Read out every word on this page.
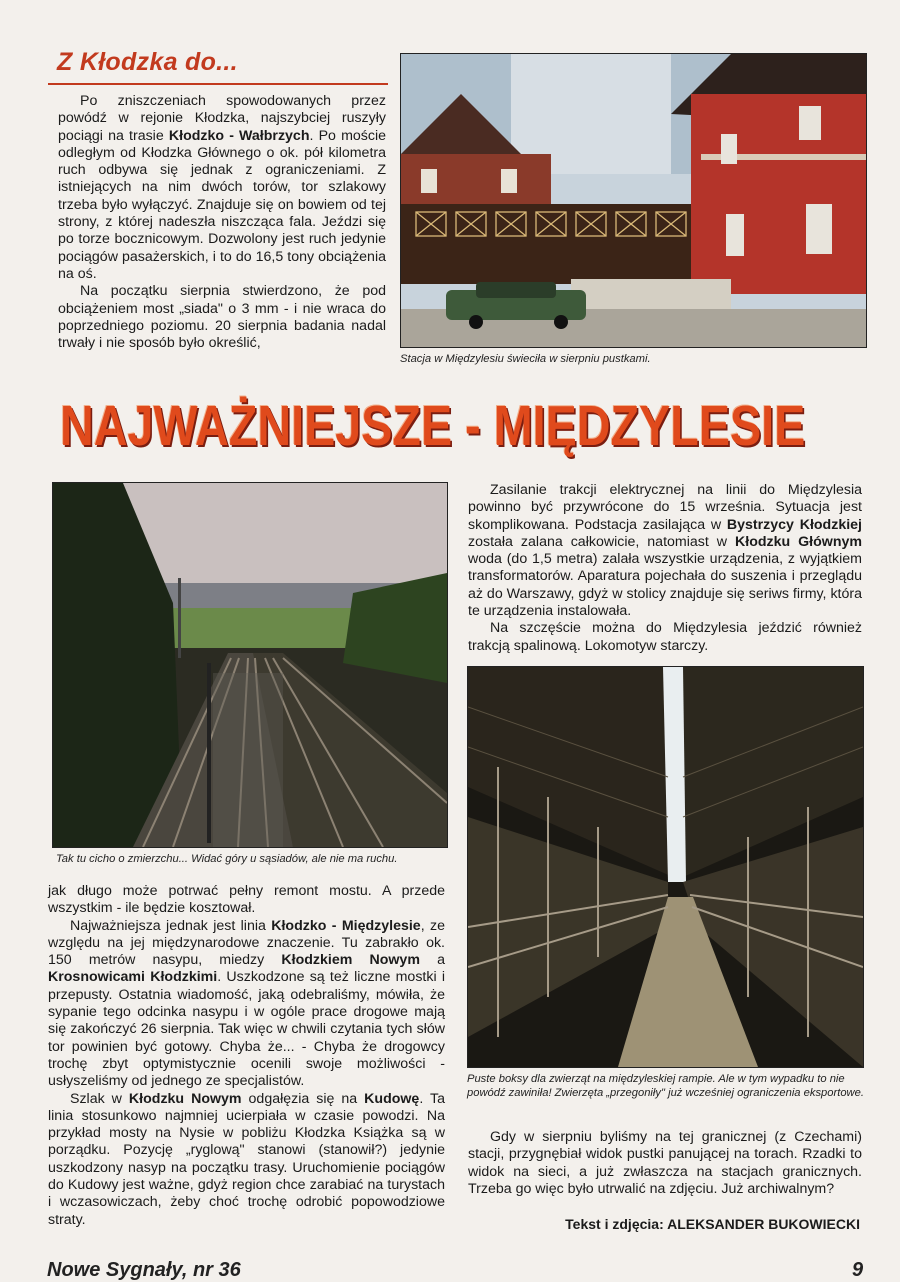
Z Kłodzka do...

Po zniszczeniach spowodowanych przez powódź w rejonie Kłodzka, najszybciej ruszyły pociągi na trasie Kłodzko - Wałbrzych. Po moście odległym od Kłodzka Głównego o ok. pół kilometra ruch odbywa się jednak z ograniczeniami. Z istniejących na nim dwóch torów, tor szlakowy trzeba było wyłączyć. Znajduje się on bowiem od tej strony, z której nadeszła niszcząca fala. Jeździ się po torze bocznicowym. Dozwolony jest ruch jedynie pociągów pasażerskich, i to do 16,5 tony obciążenia na oś.

Na początku sierpnia stwierdzono, że pod obciążeniem most „siada" o 3 mm - i nie wraca do poprzedniego poziomu. 20 sierpnia badania nadal trwały i nie sposób było określić,

Stacja w Międzylesiu świeciła w sierpniu pustkami.
NAJWAŻNIEJSZE - MIĘDZYLESIE
Tak tu cicho o zmierzchu... Widać góry u sąsiadów, ale nie ma ruchu.

jak długo może potrwać pełny remont mostu. A przede wszystkim - ile będzie kosztował.

Najważniejsza jednak jest linia Kłodzko - Międzylesie, ze względu na jej międzynarodowe znaczenie. Tu zabrakło ok. 150 metrów nasypu, miedzy Kłodzkiem Nowym a Krosnowicami Kłodzkimi. Uszkodzone są też liczne mostki i przepusty. Ostatnia wiadomość, jaką odebraliśmy, mówiła, że sypanie tego odcinka nasypu i w ogóle prace drogowe mają się zakończyć 26 sierpnia. Tak więc w chwili czytania tych słów tor powinien być gotowy. Chyba że... - Chyba że drogowcy trochę zbyt optymistycznie ocenili swoje możliwości - usłyszeliśmy od jednego ze specjalistów.

Szlak w Kłodzku Nowym odgałęzia się na Kudowę. Ta linia stosunkowo najmniej ucierpiała w czasie powodzi. Na przykład mosty na Nysie w pobliżu Kłodzka Książka są w porządku. Pozycję „ryglową" stanowi (stanowił?) jedynie uszkodzony nasyp na początku trasy. Uruchomienie pociągów do Kudowy jest ważne, gdyż region chce zarabiać na turystach i wczasowiczach, żeby choć trochę odrobić popowodziowe straty.

Zasilanie trakcji elektrycznej na linii do Międzylesia powinno być przywrócone do 15 września. Sytuacja jest skomplikowana. Podstacja zasilająca w Bystrzycy Kłodzkiej została zalana całkowicie, natomiast w Kłodzku Głównym woda (do 1,5 metra) zalała wszystkie urządzenia, z wyjątkiem transformatorów. Aparatura pojechała do suszenia i przeglądu aż do Warszawy, gdyż w stolicy znajduje się seriws firmy, która te urządzenia instalowała.

Na szczęście można do Międzylesia jeździć również trakcją spalinową. Lokomotyw starczy.

Puste boksy dla zwierząt na międzyleskiej rampie. Ale w tym wypadku to nie powódź zawiniła! Zwierzęta „przegoniły" już wcześniej ograniczenia eksportowe.

Gdy w sierpniu byliśmy na tej granicznej (z Czechami) stacji, przygnębiał widok pustki panującej na torach. Rzadki to widok na sieci, a już zwłaszcza na stacjach granicznych. Trzeba go więc było utrwalić na zdjęciu. Już archiwalnym?

Tekst i zdjęcia: ALEKSANDER BUKOWIECKI
Nowe Sygnały, nr 36	9
